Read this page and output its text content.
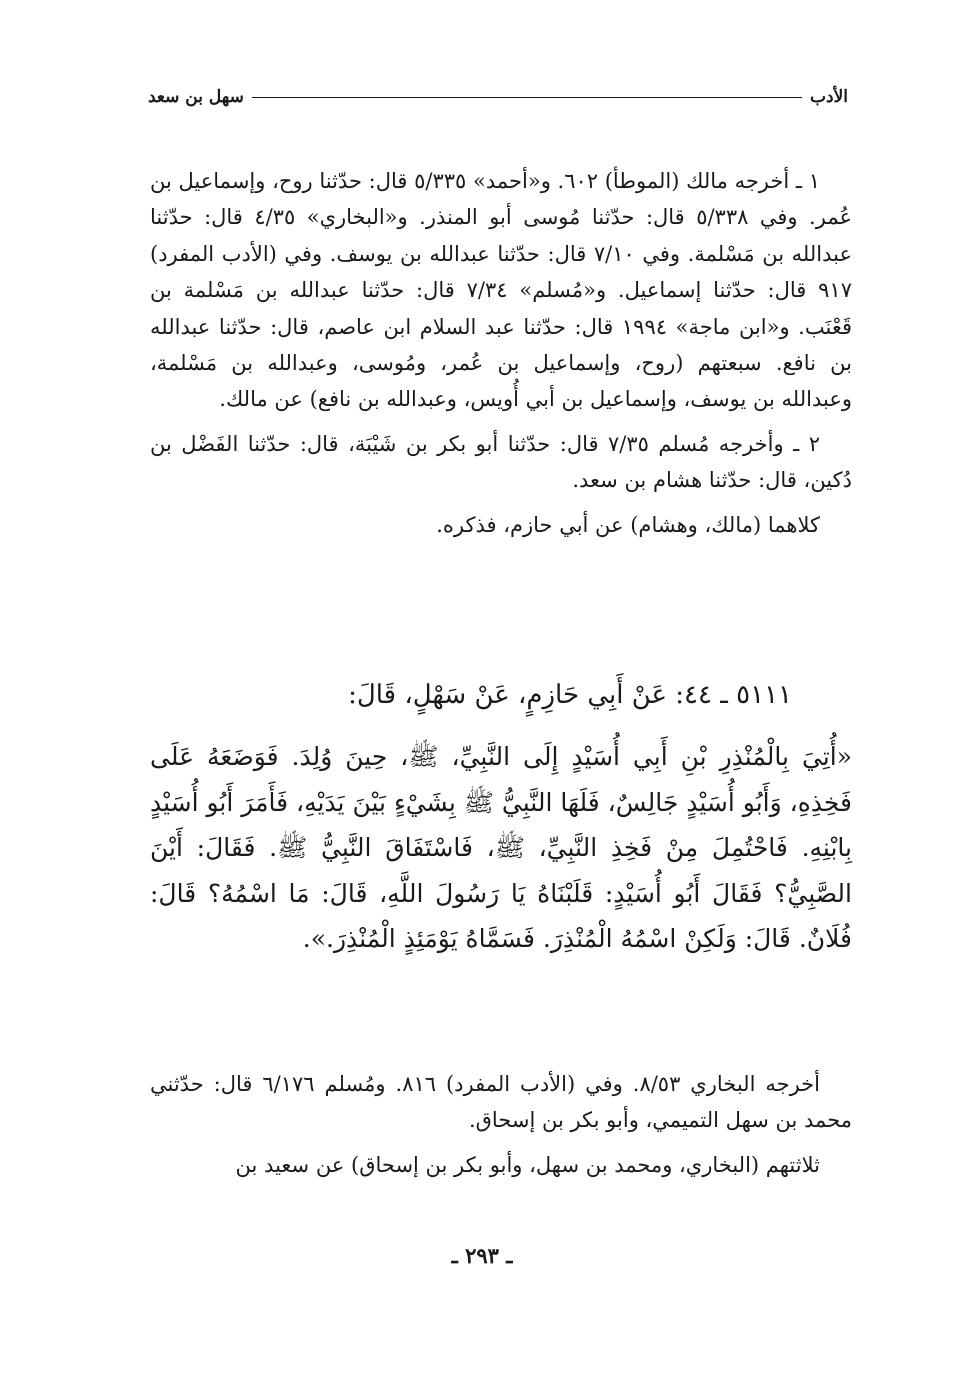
الأدب
سهل بن سعد

١ ـ أخرجه مالك (الموطأ) ٦٠٢. و«أحمد» ٥/٣٣٥ قال: حدّثنا روح، وإسماعيل بن عُمر. وفي ٥/٣٣٨ قال: حدّثنا مُوسى أبو المنذر. و«البخاري» ٤/٣٥ قال: حدّثنا عبدالله بن مَسْلمة. وفي ٧/١٠ قال: حدّثنا عبدالله بن يوسف. وفي (الأدب المفرد) ٩١٧ قال: حدّثنا إسماعيل. و«مُسلم» ٧/٣٤ قال: حدّثنا عبدالله بن مَسْلمة بن قَعْنَب. و«ابن ماجة» ١٩٩٤ قال: حدّثنا عبد السلام ابن عاصم، قال: حدّثنا عبدالله بن نافع. سبعتهم (روح، وإسماعيل بن عُمر، ومُوسى، وعبدالله بن مَسْلمة، وعبدالله بن يوسف، وإسماعيل بن أبي أُويس، وعبدالله بن نافع) عن مالك.

٢ ـ وأخرجه مُسلم ٧/٣٥ قال: حدّثنا أبو بكر بن شَيْبَة، قال: حدّثنا الفَضْل بن دُكين، قال: حدّثنا هشام بن سعد.

كلاهما (مالك، وهشام) عن أبي حازم، فذكره.

٥١١١ ـ ٤٤: عَنْ أَبِي حَازِمٍ، عَنْ سَهْلٍ، قَالَ:

«أُتِيَ بِالْمُنْذِرِ بْنِ أَبِي أُسَيْدٍ إِلَى النَّبِيِّ، ﷺ، حِينَ وُلِدَ. فَوَضَعَهُ عَلَى فَخِذِهِ، وَأَبُو أُسَيْدٍ جَالِسٌ، فَلَهَا النَّبِيُّ ﷺ بِشَيْءٍ بَيْنَ يَدَيْهِ، فَأَمَرَ أَبُو أُسَيْدٍ بِابْنِهِ. فَاحْتُمِلَ مِنْ فَخِذِ النَّبِيِّ، ﷺ، فَاسْتَفَاقَ النَّبِيُّ ﷺ. فَقَالَ: أَيْنَ الصَّبِيُّ؟ فَقَالَ أَبُو أُسَيْدٍ: قَلَبْنَاهُ يَا رَسُولَ اللَّهِ، قَالَ: مَا اسْمُهُ؟ قَالَ: فُلَانٌ. قَالَ: وَلَكِنْ اسْمُهُ الْمُنْذِرَ. فَسَمَّاهُ يَوْمَئِذٍ الْمُنْذِرَ.».

أخرجه البخاري ٨/٥٣. وفي (الأدب المفرد) ٨١٦. ومُسلم ٦/١٧٦ قال: حدّثني محمد بن سهل التميمي، وأبو بكر بن إسحاق.

ثلاثتهم (البخاري، ومحمد بن سهل، وأبو بكر بن إسحاق) عن سعيد بن

ـ ٢٩٣ ـ
